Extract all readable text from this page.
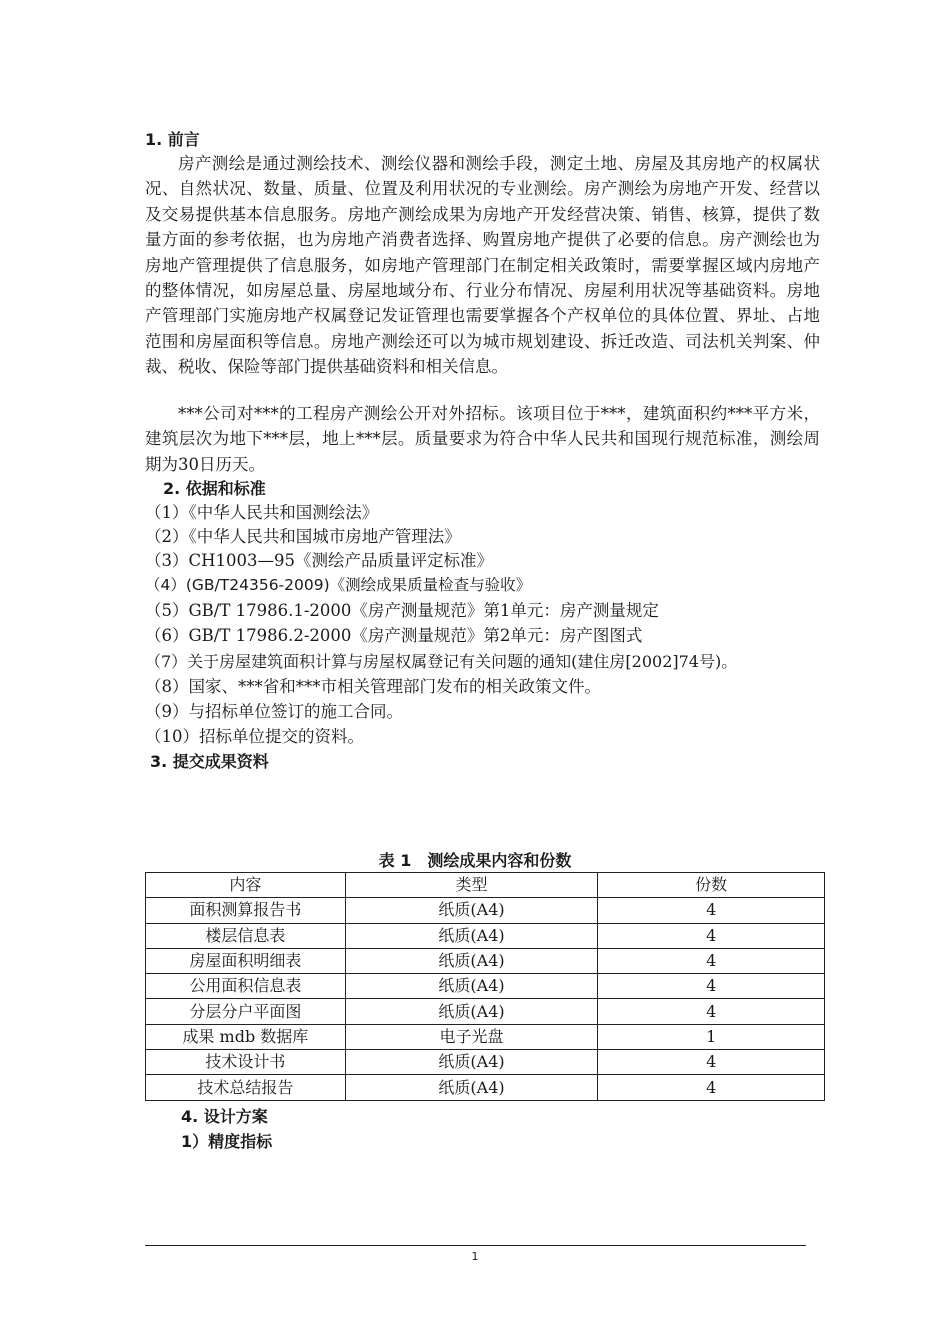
1. 前言

房产测绘是通过测绘技术、测绘仪器和测绘手段，测定土地、房屋及其房地产的权属状况、自然状况、数量、质量、位置及利用状况的专业测绘。房产测绘为房地产开发、经营以及交易提供基本信息服务。房地产测绘成果为房地产开发经营决策、销售、核算，提供了数量方面的参考依据，也为房地产消费者选择、购置房地产提供了必要的信息。房产测绘也为房地产管理提供了信息服务，如房地产管理部门在制定相关政策时，需要掌握区域内房地产的整体情况，如房屋总量、房屋地域分布、行业分布情况、房屋利用状况等基础资料。房地产管理部门实施房地产权属登记发证管理也需要掌握各个产权单位的具体位置、界址、占地范围和房屋面积等信息。房地产测绘还可以为城市规划建设、拆迁改造、司法机关判案、仲裁、税收、保险等部门提供基础资料和相关信息。

***公司对***的工程房产测绘公开对外招标。该项目位于***，建筑面积约***平方米，建筑层次为地下***层，地上***层。质量要求为符合中华人民共和国现行规范标准，测绘周期为30日历天。

2. 依据和标准
（1）《中华人民共和国测绘法》
（2）《中华人民共和国城市房地产管理法》
（3）CH1003—95《测绘产品质量评定标准》
（4）(GB/T24356-2009)《测绘成果质量检查与验收》
（5）GB/T 17986.1-2000《房产测量规范》第1单元：房产测量规定
（6）GB/T 17986.2-2000《房产测量规范》第2单元：房产图图式
（7）关于房屋建筑面积计算与房屋权属登记有关问题的通知(建住房[2002]74号)。
（8）国家、***省和***市相关管理部门发布的相关政策文件。
（9）与招标单位签订的施工合同。
（10）招标单位提交的资料。
3. 提交成果资料
表 1　测绘成果内容和份数
内容	类型	份数
面积测算报告书	纸质(A4)	4
楼层信息表	纸质(A4)	4
房屋面积明细表	纸质(A4)	4
公用面积信息表	纸质(A4)	4
分层分户平面图	纸质(A4)	4
成果 mdb 数据库	电子光盘	1
技术设计书	纸质(A4)	4
技术总结报告	纸质(A4)	4
4. 设计方案
1）精度指标
1
